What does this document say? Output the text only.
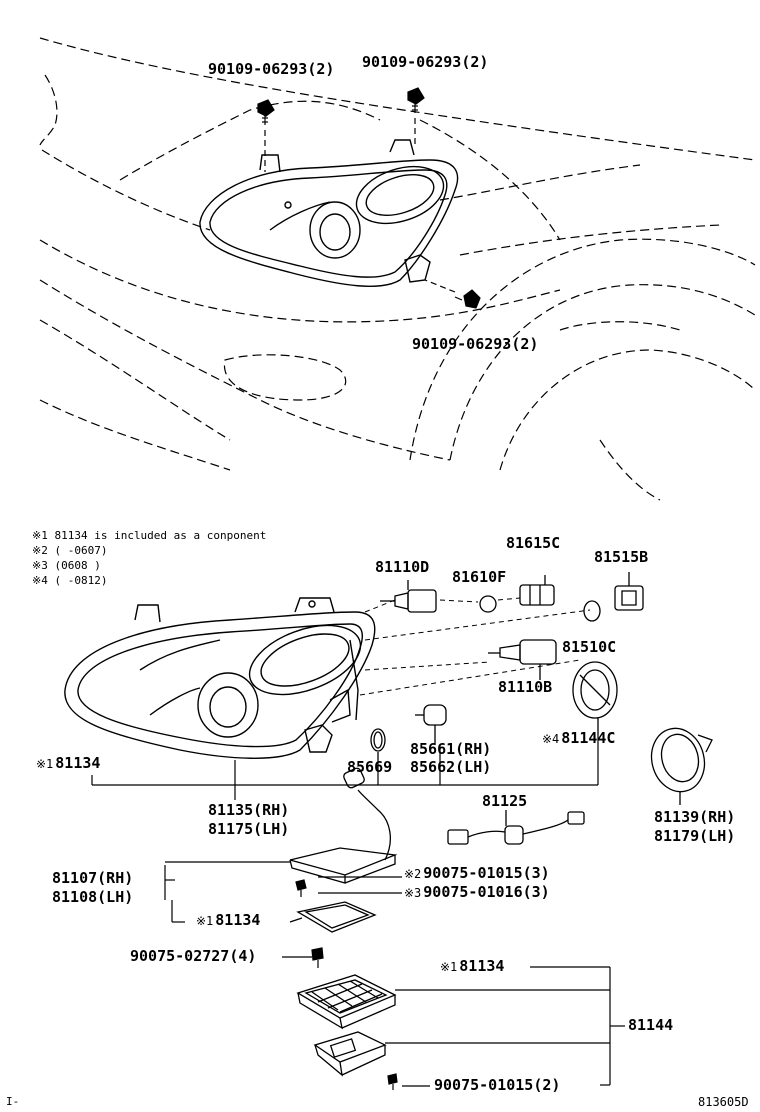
90109-06293(2) 90109-06293(2)
90109-06293(2)
※1 81134 is included as a conponent
※2 ( -0607)
※3 (0608 )
※4 ( -0812)
81110D
81615C
81515B
81610F
81510C
81110B
85661(RH)
85669 85662(LH)
※4 81144C
※1 81134
81135(RH)
81175(LH)
81125
81139(RH)
81179(LH)
81107(RH)
81108(LH)
※2 90075-01015(3)
※3 90075-01016(3)
※1 81134
90075-02727(4)
※1 81134
81144
90075-01015(2)
I-	813605D
